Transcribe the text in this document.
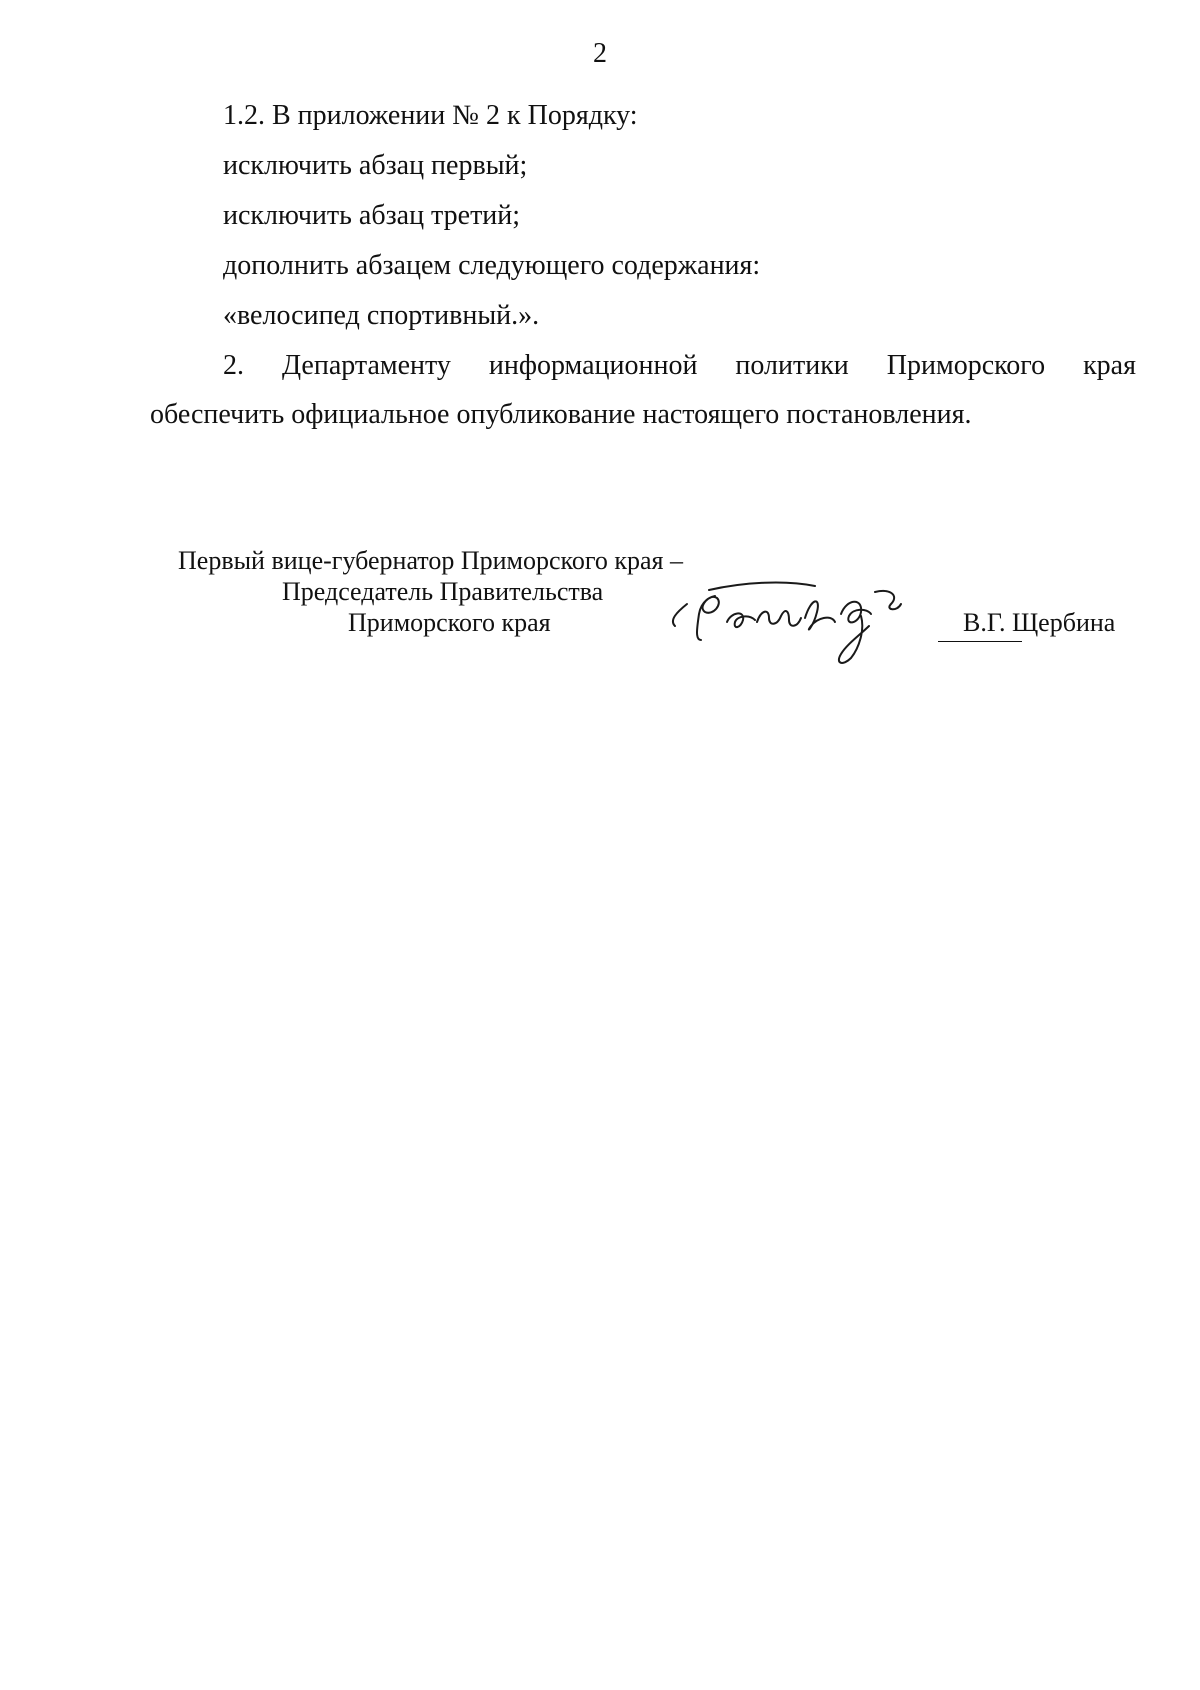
2
1.2. В приложении № 2 к Порядку:
исключить абзац первый;
исключить абзац третий;
дополнить абзацем следующего содержания:
«велосипед спортивный.».
2. Департаменту информационной политики Приморского края
обеспечить официальное опубликование настоящего постановления.
Первый вице-губернатор Приморского края –
Председатель Правительства
Приморского края	В.Г. Щербина
